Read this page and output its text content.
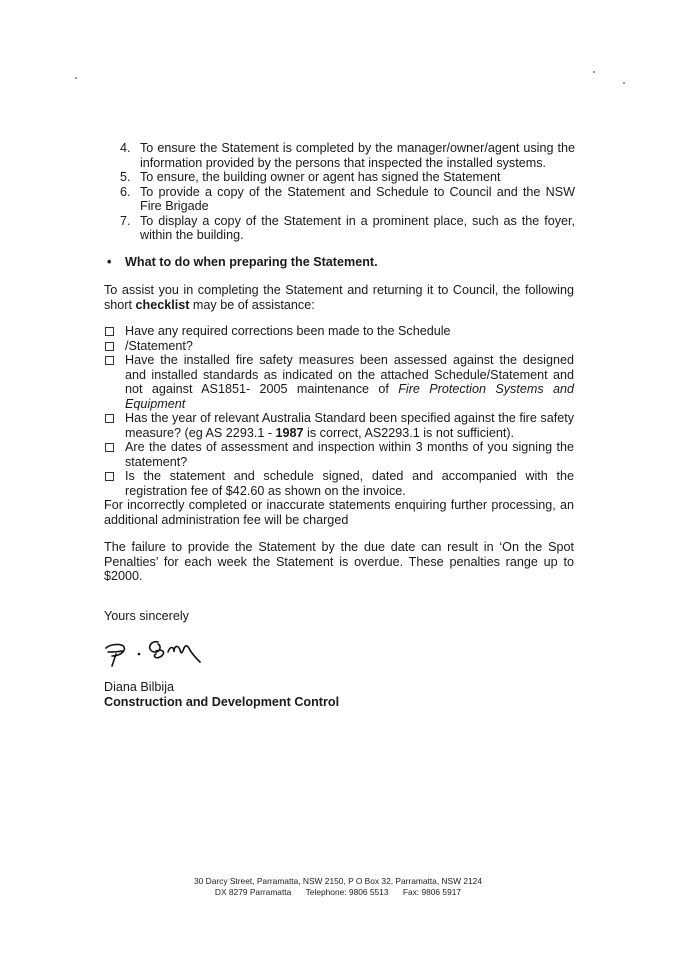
4. To ensure the Statement is completed by the manager/owner/agent using the information provided by the persons that inspected the installed systems.
5. To ensure, the building owner or agent has signed the Statement
6. To provide a copy of the Statement and Schedule to Council and the NSW Fire Brigade
7. To display a copy of the Statement in a prominent place, such as the foyer, within the building.
• What to do when preparing the Statement.

To assist you in completing the Statement and returning it to Council, the following short checklist may be of assistance:

Have any required corrections been made to the Schedule
/Statement?
Have the installed fire safety measures been assessed against the designed and installed standards as indicated on the attached Schedule/Statement and not against AS1851- 2005 maintenance of Fire Protection Systems and Equipment
Has the year of relevant Australia Standard been specified against the fire safety measure? (eg AS 2293.1 - 1987 is correct, AS2293.1 is not sufficient).
Are the dates of assessment and inspection within 3 months of you signing the statement?
Is the statement and schedule signed, dated and accompanied with the registration fee of $42.60 as shown on the invoice.

For incorrectly completed or inaccurate statements enquiring further processing, an additional administration fee will be charged

The failure to provide the Statement by the due date can result in ‘On the Spot Penalties’ for each week the Statement is overdue. These penalties range up to $2000.

Yours sincerely

Diana Bilbija
Construction and Development Control
30 Darcy Street, Parramatta, NSW 2150, P O Box 32, Parramatta, NSW 2124
DX 8279 Parramatta Telephone: 9806 5513 Fax: 9806 5917
